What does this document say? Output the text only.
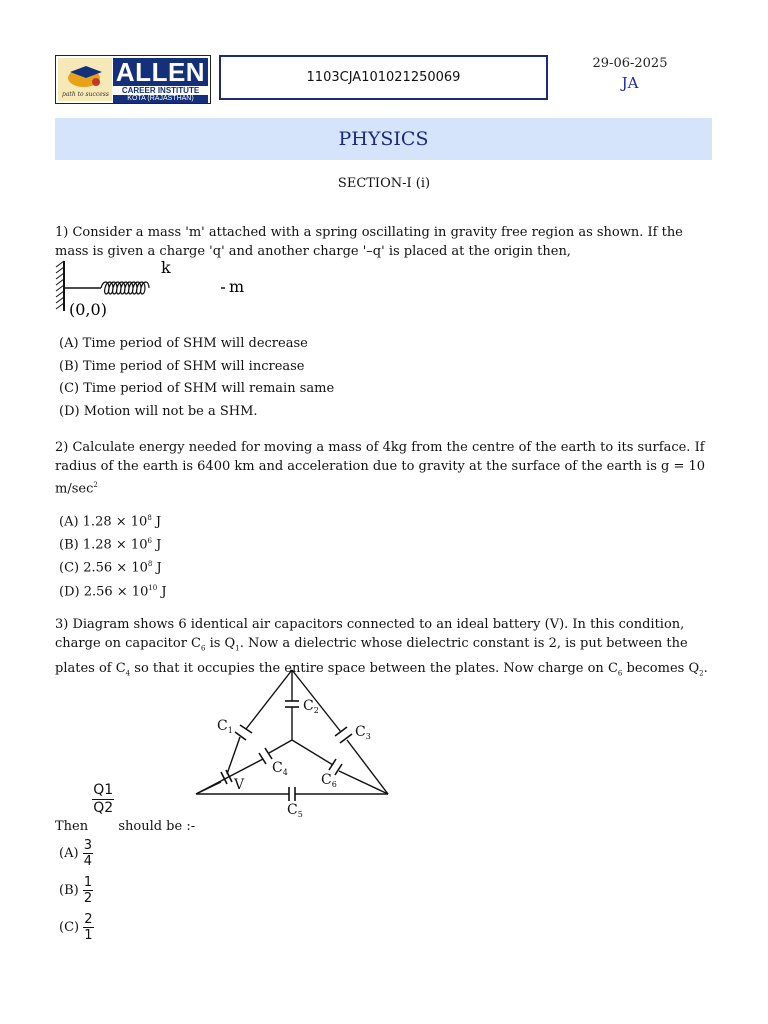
path to success
ALLEN
CAREER INSTITUTE
KOTA (RAJASTHAN)
1103CJA101021250069
29-06-2025
JA
PHYSICS
SECTION-I (i)
1) Consider a mass 'm' attached with a spring oscillating in gravity free region as shown. If the mass is given a charge 'q' and another charge '–q' is placed at the origin then,
k
m
(0,0)
(A) Time period of SHM will decrease
(B) Time period of SHM will increase
(C) Time period of SHM will remain same
(D) Motion will not be a SHM.
2) Calculate energy needed for moving a mass of 4kg from the centre of the earth to its surface. If radius of the earth is 6400 km and acceleration due to gravity at the surface of the earth is g = 10 $m/\sec^2$
(A) $1.28 \times 10^8$ J
(B) $1.28 \times 10^6$ J
(C) $2.56 \times 10^8$ J
(D) $2.56 \times 10^{10}$ J
3) Diagram shows 6 identical air capacitors connected to an ideal battery (V). In this condition, charge on capacitor $C_6$ is $Q_1$. Now a dielectric whose dielectric constant is 2, is put between the plates of $C_4$ so that it occupies the entire space between the plates. Now charge on $C_6$ becomes $Q_2$.
$C_1$
$C_2$
$C_3$
$C_4$
$C_5$
$C_6$
V
Then
$\frac{Q1}{Q2}$
should be :-
$(A) \frac{3}{4}$
$(B) \frac{1}{2}$
$(C) \frac{2}{1}$
